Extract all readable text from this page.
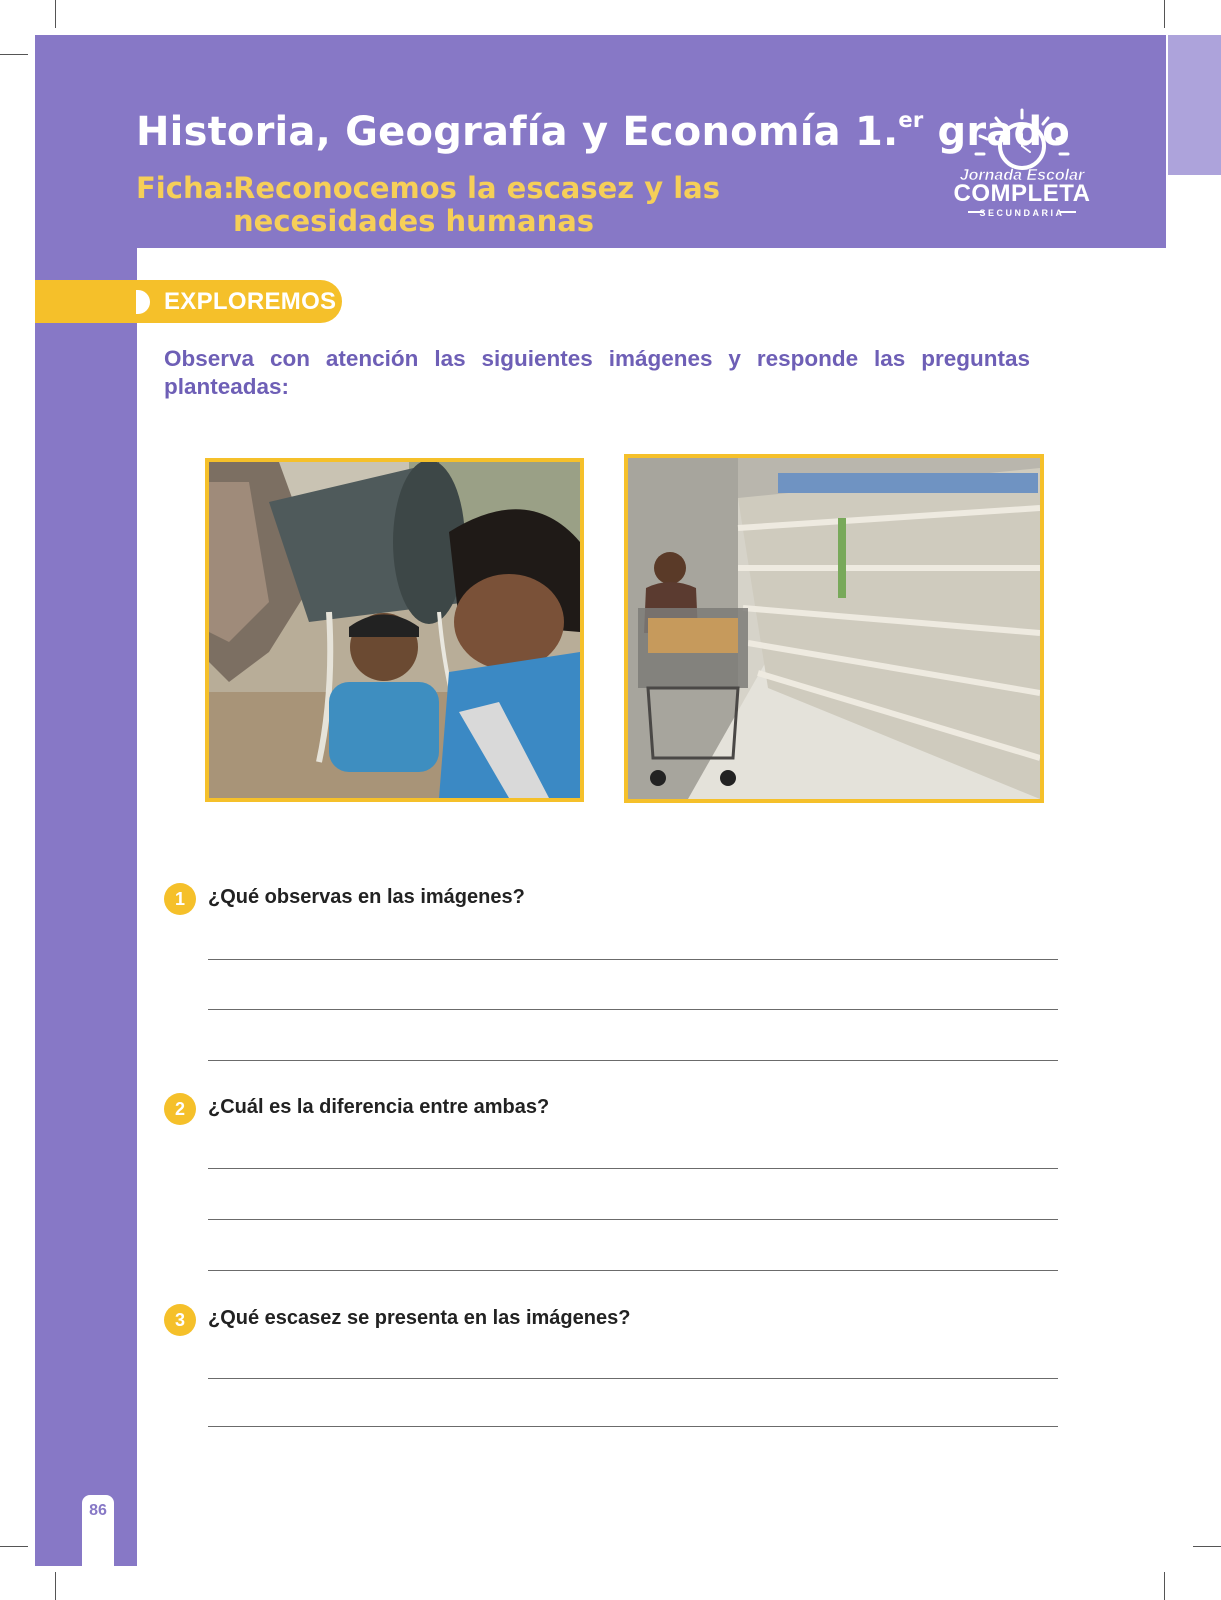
Historia, Geografía y Economía 1.$^{er}$ grado
Ficha:
Reconocemos la escasez y las necesidades humanas
Jornada Escolar
COMPLETA
SECUNDARIA
EXPLOREMOS
Observa con atención las siguientes imágenes y responde las preguntas planteadas:
1	¿Qué observas en las imágenes?
2	¿Cuál es la diferencia entre ambas?
3	¿Qué escasez se presenta en las imágenes?
86
